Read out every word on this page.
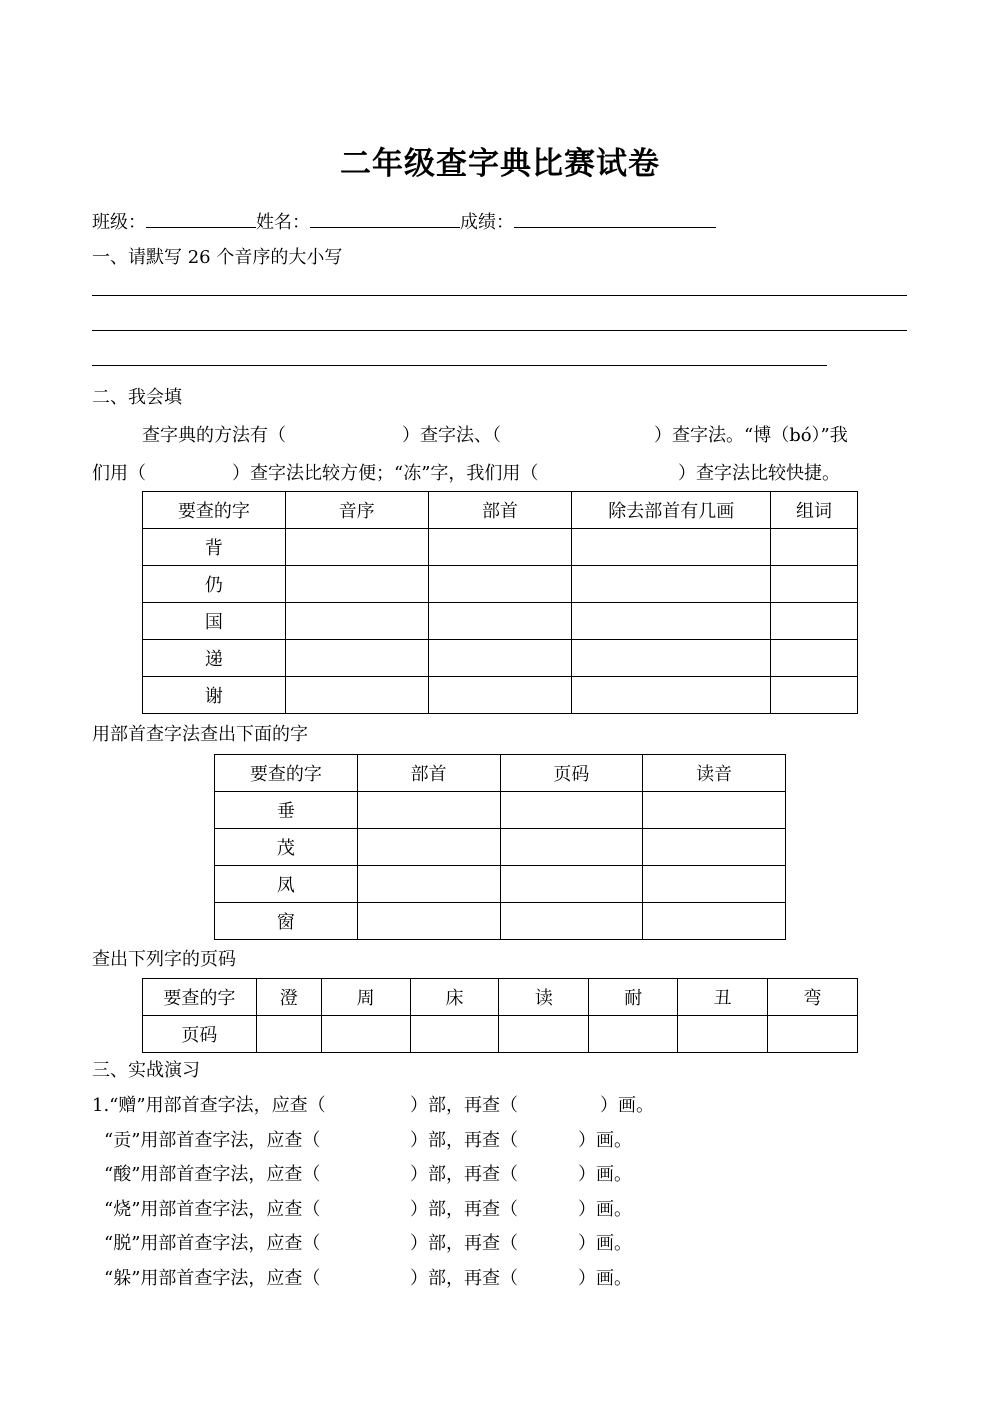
二年级查字典比赛试卷
班级：	姓名：	成绩：
一、请默写 26 个音序的大小写
二、我会填
查字典的方法有（	）查字法、（	）查字法。“博（bó）”我
们用（	）查字法比较方便；“冻”字，我们用（	）查字法比较快捷。
要查的字	音序	部首	除去部首有几画	组词
背				
仍				
国				
递				
谢				
用部首查字法查出下面的字
要查的字	部首	页码	读音
垂			
茂			
凤			
窗			
查出下列字的页码
要查的字	澄	周	床	读	耐	丑	弯
页码							
三、实战演习
1.“赠”用部首查字法，应查（	）部，再查（	）画。
“贡”用部首查字法，应查（	）部，再查（	）画。
“酸”用部首查字法，应查（	）部，再查（	）画。
“烧”用部首查字法，应查（	）部，再查（	）画。
“脱”用部首查字法，应查（	）部，再查（	）画。
“躲”用部首查字法，应查（	）部，再查（	）画。
